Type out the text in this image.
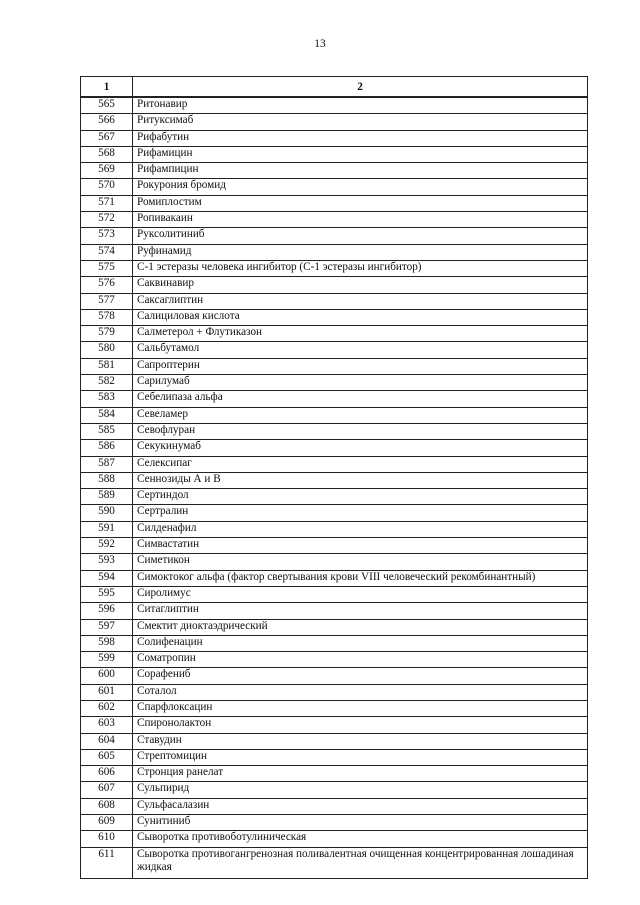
13
1	2
565	Ритонавир
566	Ритуксимаб
567	Рифабутин
568	Рифамицин
569	Рифампицин
570	Рокурония бромид
571	Ромиплостим
572	Ропивакаин
573	Руксолитиниб
574	Руфинамид
575	С-1 эстеразы человека ингибитор (С-1 эстеразы ингибитор)
576	Саквинавир
577	Саксаглиптин
578	Салициловая кислота
579	Салметерол + Флутиказон
580	Сальбутамол
581	Сапроптерин
582	Сарилумаб
583	Себелипаза альфа
584	Севеламер
585	Севофлуран
586	Секукинумаб
587	Селексипаг
588	Сеннозиды А и В
589	Сертиндол
590	Сертралин
591	Силденафил
592	Симвастатин
593	Симетикон
594	Симоктоког альфа (фактор свертывания крови VIII человеческий рекомбинантный)
595	Сиролимус
596	Ситаглиптин
597	Смектит диоктаэдрический
598	Солифенацин
599	Соматропин
600	Сорафениб
601	Соталол
602	Спарфлоксацин
603	Спиронолактон
604	Ставудин
605	Стрептомицин
606	Стронция ранелат
607	Сульпирид
608	Сульфасалазин
609	Сунитиниб
610	Сыворотка противоботулиническая
611	Сыворотка противогангренозная поливалентная очищенная концентрированная лошадиная жидкая
